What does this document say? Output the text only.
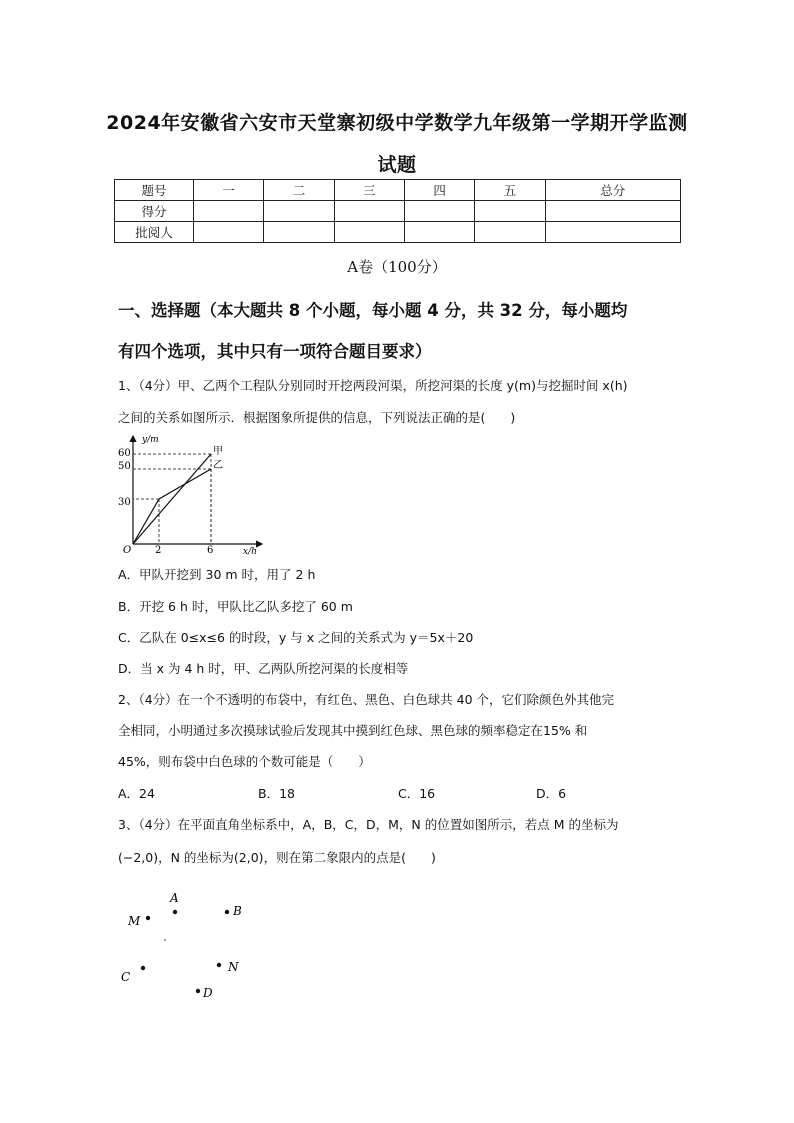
2024年安徽省六安市天堂寨初级中学数学九年级第一学期开学监测
试题
题号	一	二	三	四	五	总分
得分						
批阅人						
A卷（100分）
一、选择题（本大题共 8 个小题，每小题 4 分，共 32 分，每小题均
有四个选项，其中只有一项符合题目要求）
1、（4分）甲、乙两个工程队分别同时开挖两段河渠，所挖河渠的长度 y(m)与挖掘时间 x(h)
之间的关系如图所示．根据图象所提供的信息，下列说法正确的是(　　)
y/m
x/h
O
60
50
30
2	6
甲
乙
A．甲队开挖到 30 m 时，用了 2 h
B．开挖 6 h 时，甲队比乙队多挖了 60 m
C．乙队在 0≤x≤6 的时段，y 与 x 之间的关系式为 y＝5x＋20
D．当 x 为 4 h 时，甲、乙两队所挖河渠的长度相等
2、（4分）在一个不透明的布袋中，有红色、黑色、白色球共 40 个，它们除颜色外其他完
全相同，小明通过多次摸球试验后发现其中摸到红色球、黑色球的频率稳定在15% 和
45%，则布袋中白色球的个数可能是（　　）
A．24	B．18	C．16	D．6
3、（4分）在平面直角坐标系中，A，B，C，D，M，N 的位置如图所示，若点 M 的坐标为
(−2,0)，N 的坐标为(2,0)，则在第二象限内的点是(　　)
A
B
M
C
N
D
